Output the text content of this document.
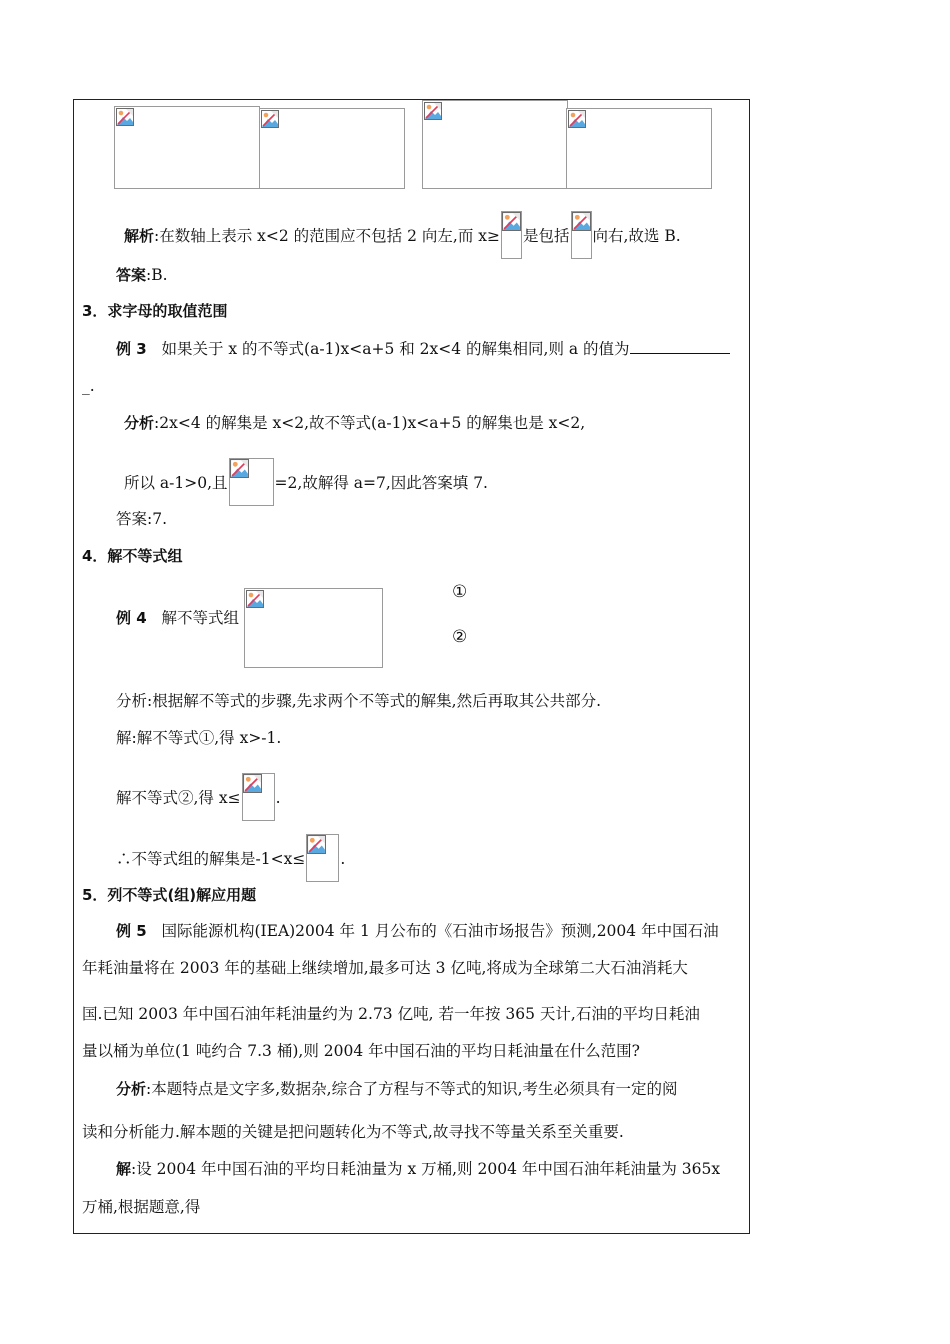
解析:在数轴上表示 x<2 的范围应不包括 2 向左,而 x≥ 是包括 向右,故选 B.
答案:B.
3．求字母的取值范围
例 3 如果关于 x 的不等式(a-1)x<a+5 和 2x<4 的解集相同,则 a 的值为
_.
分析:2x<4 的解集是 x<2,故不等式(a-1)x<a+5 的解集也是 x<2,
所以 a-1>0,且	=2,故解得 a=7,因此答案填 7.
答案:7.
4．解不等式组
例 4 解不等式组
①
②
分析:根据解不等式的步骤,先求两个不等式的解集,然后再取其公共部分.
解:解不等式①,得 x>-1.
解不等式②,得 x≤ .
∴不等式组的解集是-1<x≤ .
5．列不等式(组)解应用题
例 5 国际能源机构(IEA)2004 年 1 月公布的《石油市场报告》预测,2004 年中国石油
年耗油量将在 2003 年的基础上继续增加,最多可达 3 亿吨,将成为全球第二大石油消耗大
国.已知 2003 年中国石油年耗油量约为 2.73 亿吨, 若一年按 365 天计,石油的平均日耗油
量以桶为单位(1 吨约合 7.3 桶),则 2004 年中国石油的平均日耗油量在什么范围?
分析:本题特点是文字多,数据杂,综合了方程与不等式的知识,考生必须具有一定的阅
读和分析能力.解本题的关键是把问题转化为不等式,故寻找不等量关系至关重要.
解:设 2004 年中国石油的平均日耗油量为 x 万桶,则 2004 年中国石油年耗油量为 365x
万桶,根据题意,得
